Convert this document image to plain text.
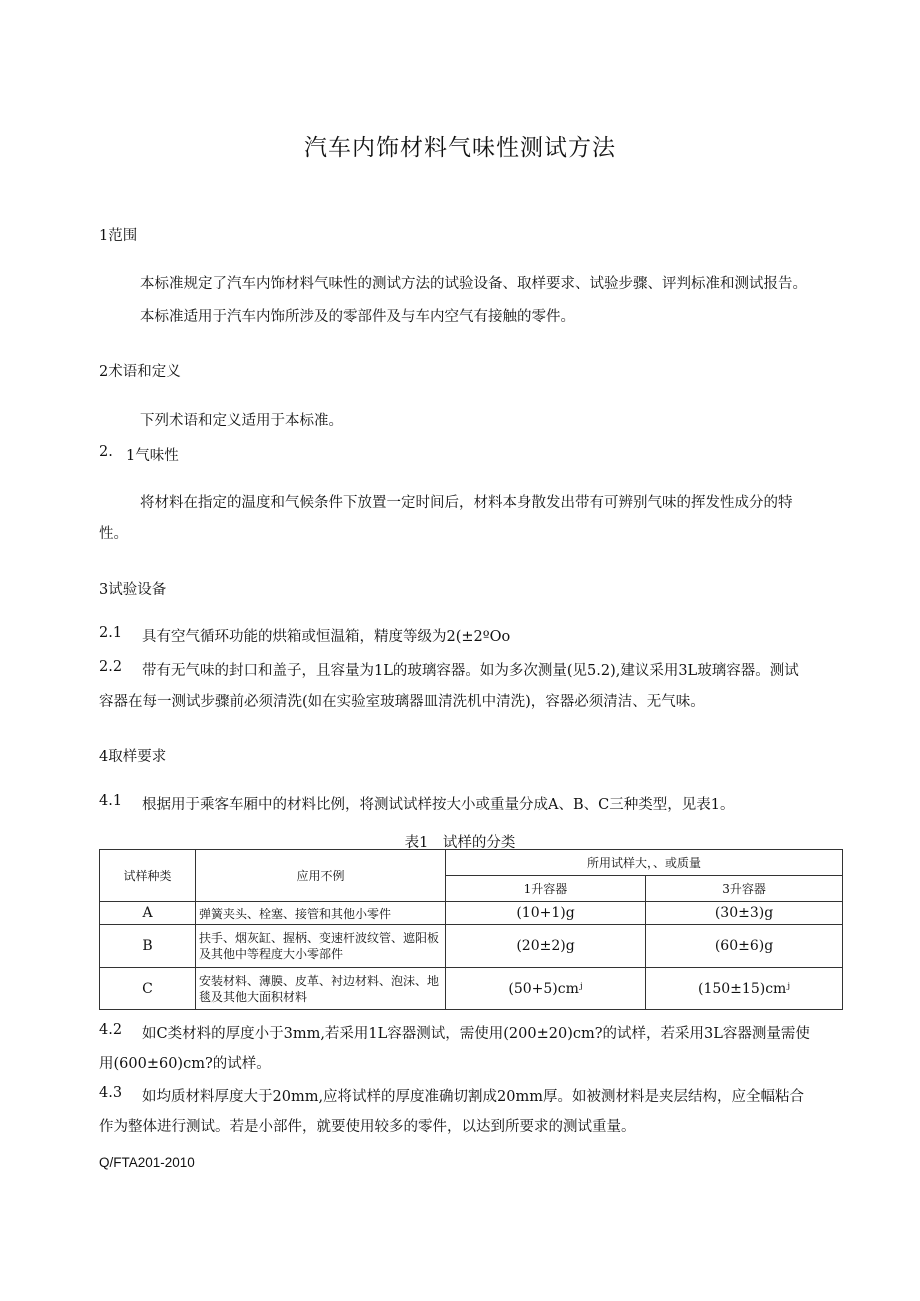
汽车内饰材料气味性测试方法
1范围
本标准规定了汽车内饰材料气味性的测试方法的试验设备、取样要求、试验步骤、评判标准和测试报告。
本标准适用于汽车内饰所涉及的零部件及与车内空气有接触的零件。
2术语和定义
下列术语和定义适用于本标准。
2. 1气味性
将材料在指定的温度和气候条件下放置一定时间后，材料本身散发出带有可辨别气味的挥发性成分的特
性。
3试验设备
2.1 具有空气循环功能的烘箱或恒温箱，精度等级为2(±2ºOo
2.2 带有无气味的封口和盖子，且容量为1L的玻璃容器。如为多次测量(见5.2),建议采用3L玻璃容器。测试
容器在每一测试步骤前必须清洗(如在实验室玻璃器皿清洗机中清洗)，容器必须清洁、无气味。
4取样要求
4.1 根据用于乘客车厢中的材料比例，将测试试样按大小或重量分成A、B、C三种类型，见表1。
表1　试样的分类
试样种类	应用不例	所用试样大，、或质量	
		1升容器	3升容器
A	弹簧夹头、栓塞、接管和其他小零件	(10+1)g	(30±3)g
B	扶手、烟灰缸、握柄、变速杆波纹管、遮阳板及其他中等程度大小零部件	(20±2)g	(60±6)g
C	安装材料、薄膜、皮革、衬边材料、泡沫、地毯及其他大面积材料	(50+5)cmʲ	(150±15)cmʲ
4.2 如C类材料的厚度小于3mm,若采用1L容器测试，需使用(200±20)cm?的试样，若采用3L容器测量需使
用(600±60)cm?的试样。
4.3 如均质材料厚度大于20mm,应将试样的厚度准确切割成20mm厚。如被测材料是夹层结构，应全幅粘合
作为整体进行测试。若是小部件，就要使用较多的零件，以达到所要求的测试重量。
Q/FTA201-2010
